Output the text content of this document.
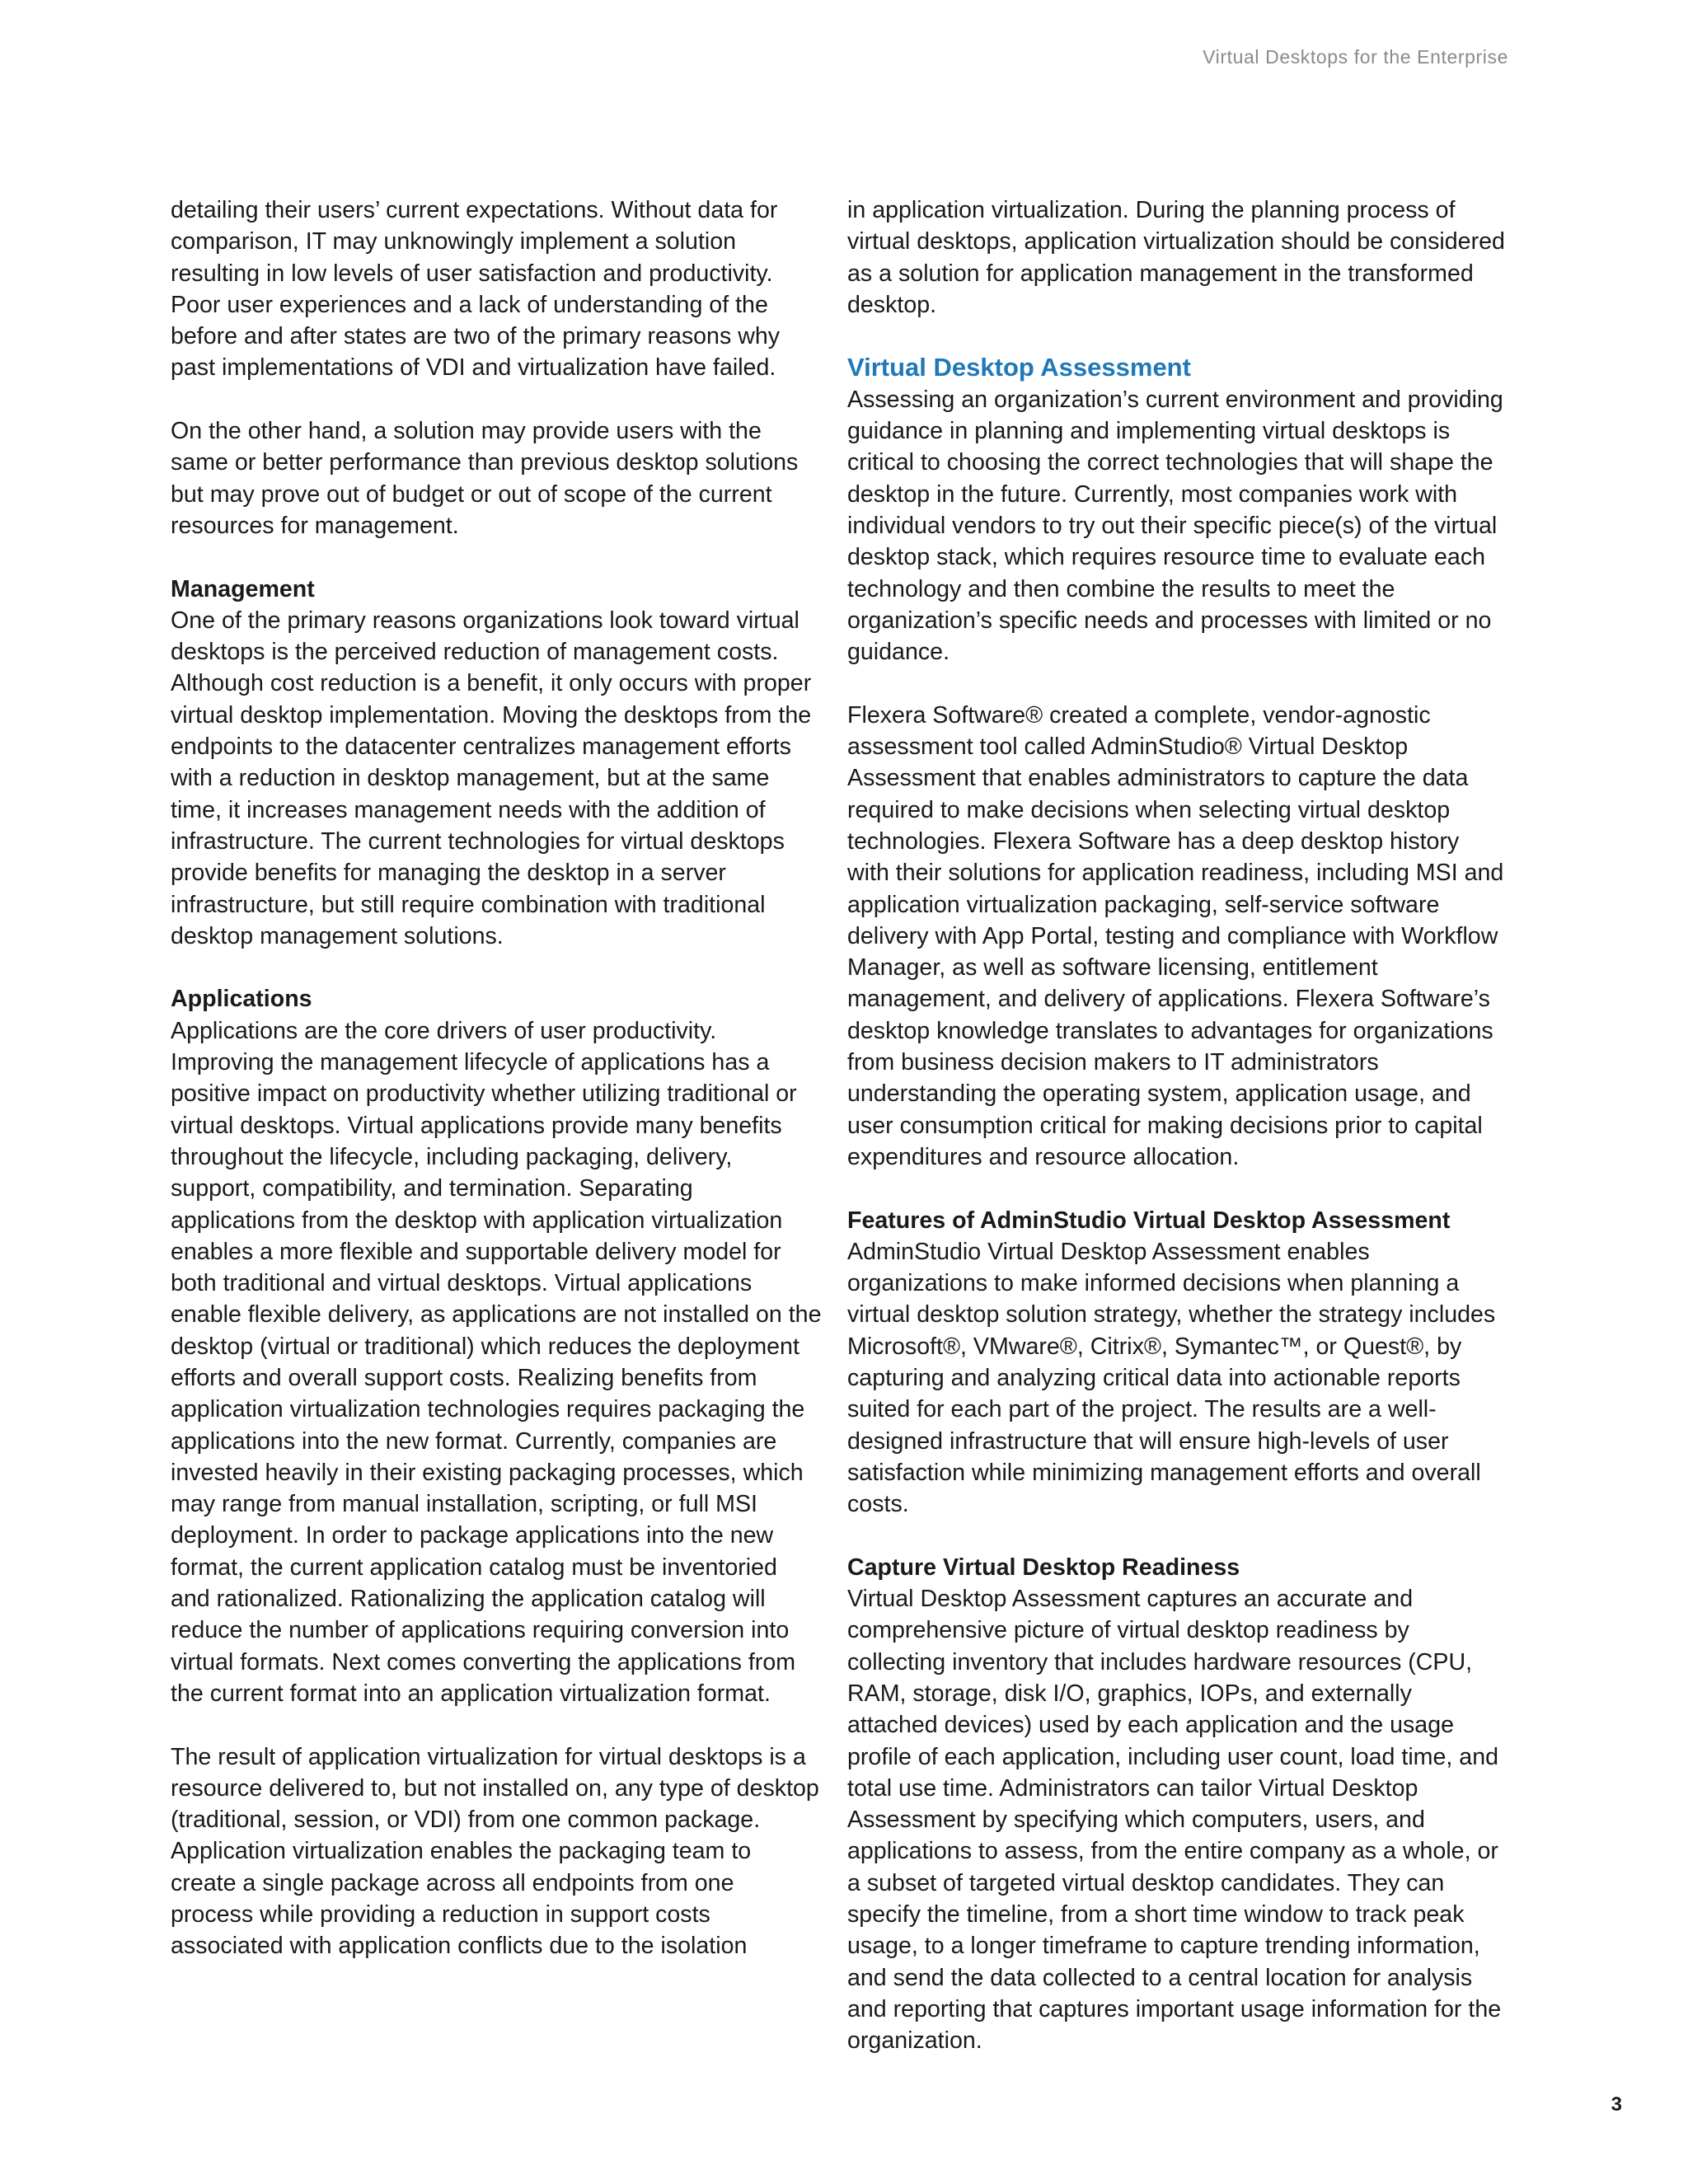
Virtual Desktops for the Enterprise

detailing their users’ current expectations. Without data for comparison, IT may unknowingly implement a solution resulting in low levels of user satisfaction and productivity. Poor user experiences and a lack of understanding of the before and after states are two of the primary reasons why past implementations of VDI and virtualization have failed.

On the other hand, a solution may provide users with the same or better performance than previous desktop solutions but may prove out of budget or out of scope of the current resources for management.

Management

One of the primary reasons organizations look toward virtual desktops is the perceived reduction of management costs. Although cost reduction is a benefit, it only occurs with proper virtual desktop implementation. Moving the desktops from the endpoints to the datacenter centralizes management efforts with a reduction in desktop management, but at the same time, it increases management needs with the addition of infrastructure. The current technologies for virtual desktops provide benefits for managing the desktop in a server infrastructure, but still require combination with traditional desktop management solutions.

Applications

Applications are the core drivers of user productivity. Improving the management lifecycle of applications has a positive impact on productivity whether utilizing traditional or virtual desktops. Virtual applications provide many benefits throughout the lifecycle, including packaging, delivery, support, compatibility, and termination. Separating applications from the desktop with application virtualization enables a more flexible and supportable delivery model for both traditional and virtual desktops. Virtual applications enable flexible delivery, as applications are not installed on the desktop (virtual or traditional) which reduces the deployment efforts and overall support costs. Realizing benefits from application virtualization technologies requires packaging the applications into the new format. Currently, companies are invested heavily in their existing packaging processes, which may range from manual installation, scripting, or full MSI deployment. In order to package applications into the new format, the current application catalog must be inventoried and rationalized. Rationalizing the application catalog will reduce the number of applications requiring conversion into virtual formats. Next comes converting the applications from the current format into an application virtualization format.

The result of application virtualization for virtual desktops is a resource delivered to, but not installed on, any type of desktop (traditional, session, or VDI) from one common package. Application virtualization enables the packaging team to create a single package across all endpoints from one process while providing a reduction in support costs associated with application conflicts due to the isolation

in application virtualization. During the planning process of virtual desktops, application virtualization should be considered as a solution for application management in the transformed desktop.

Virtual Desktop Assessment

Assessing an organization’s current environment and providing guidance in planning and implementing virtual desktops is critical to choosing the correct technologies that will shape the desktop in the future. Currently, most companies work with individual vendors to try out their specific piece(s) of the virtual desktop stack, which requires resource time to evaluate each technology and then combine the results to meet the organization’s specific needs and processes with limited or no guidance.

Flexera Software® created a complete, vendor-agnostic assessment tool called AdminStudio® Virtual Desktop Assessment that enables administrators to capture the data required to make decisions when selecting virtual desktop technologies. Flexera Software has a deep desktop history with their solutions for application readiness, including MSI and application virtualization packaging, self-service software delivery with App Portal, testing and compliance with Workflow Manager, as well as software licensing, entitlement management, and delivery of applications. Flexera Software’s desktop knowledge translates to advantages for organizations from business decision makers to IT administrators understanding the operating system, application usage, and user consumption critical for making decisions prior to capital expenditures and resource allocation.

Features of AdminStudio Virtual Desktop Assessment

AdminStudio Virtual Desktop Assessment enables organizations to make informed decisions when planning a virtual desktop solution strategy, whether the strategy includes Microsoft®, VMware®, Citrix®, Symantec™, or Quest®, by capturing and analyzing critical data into actionable reports suited for each part of the project. The results are a well-designed infrastructure that will ensure high-levels of user satisfaction while minimizing management efforts and overall costs.

Capture Virtual Desktop Readiness

Virtual Desktop Assessment captures an accurate and comprehensive picture of virtual desktop readiness by collecting inventory that includes hardware resources (CPU, RAM, storage, disk I/O, graphics, IOPs, and externally attached devices) used by each application and the usage profile of each application, including user count, load time, and total use time. Administrators can tailor Virtual Desktop Assessment by specifying which computers, users, and applications to assess, from the entire company as a whole, or a subset of targeted virtual desktop candidates. They can specify the timeline, from a short time window to track peak usage, to a longer timeframe to capture trending information, and send the data collected to a central location for analysis and reporting that captures important usage information for the organization.

3
